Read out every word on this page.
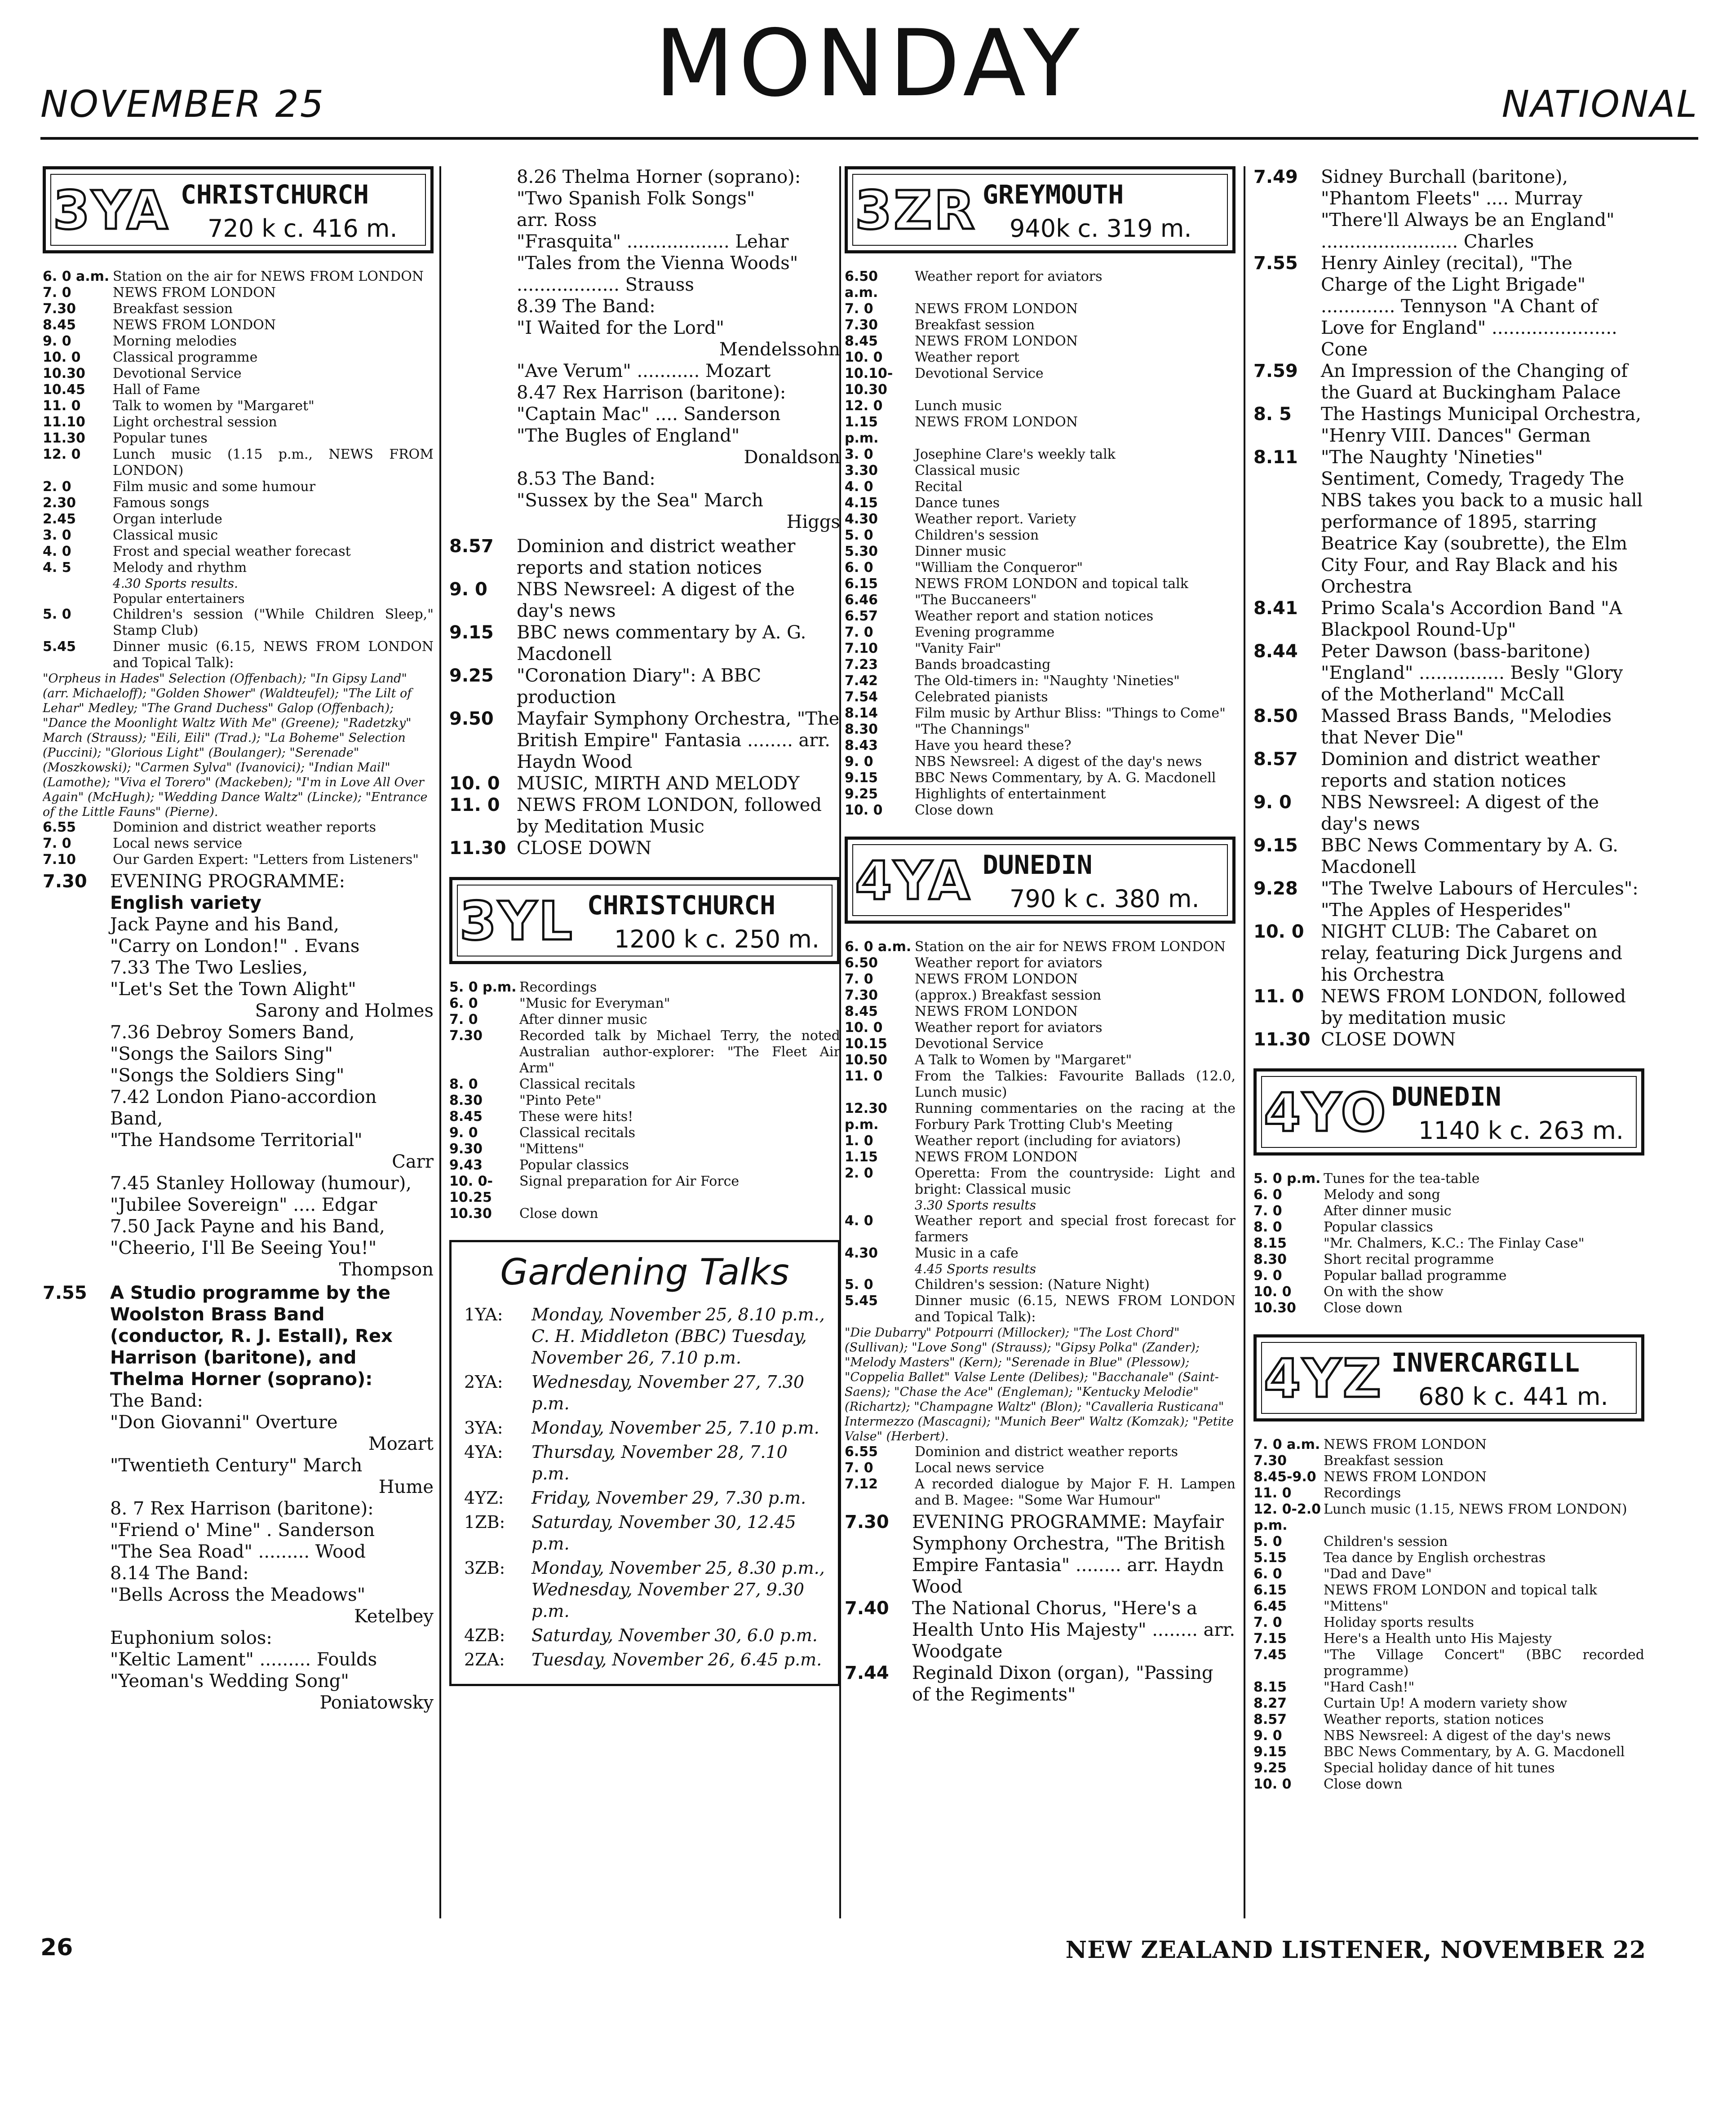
NOVEMBER 25	MONDAY	NATIONAL
3YA CHRISTCHURCH
720 k c. 416 m.
6. 0 a.m. Station on the air for NEWS FROM LONDON
7. 0	NEWS FROM LONDON
7.30	Breakfast session
8.45	NEWS FROM LONDON
9. 0	Morning melodies
10. 0	Classical programme
10.30	Devotional Service
10.45	Hall of Fame
11. 0	Talk to women by "Margaret"
11.10	Light orchestral session
11.30	Popular tunes
12. 0	Lunch music (1.15 p.m., NEWS FROM LONDON)
2. 0	Film music and some humour
2.30	Famous songs
2.45	Organ interlude
3. 0	Classical music
4. 0	Frost and special weather forecast
4. 5	Melody and rhythm
4.30 Sports results.
Popular entertainers
5. 0	Children's session ("While Children Sleep," Stamp Club)
5.45	Dinner music (6.15, NEWS FROM LONDON and Topical Talk):
"Orpheus in Hades" Selection (Offenbach); "In Gipsy Land" (arr. Michaeloff); "Golden Shower" (Waldteufel); "The Lilt of Lehar" Medley; "The Grand Duchess" Galop (Offenbach); "Dance the Moonlight Waltz With Me" (Greene); "Radetzky" March (Strauss); "Eili, Eili" (Trad.); "La Boheme" Selection (Puccini); "Glorious Light" (Boulanger); "Serenade" (Moszkowski); "Carmen Sylva" (Ivanovici); "Indian Mail" (Lamothe); "Viva el Torero" (Mackeben); "I'm in Love All Over Again" (McHugh); "Wedding Dance Waltz" (Lincke); "Entrance of the Little Fauns" (Pierne).
6.55	Dominion and district weather reports
7. 0	Local news service
7.10	Our Garden Expert: "Letters from Listeners"
7.30	EVENING PROGRAMME:
English variety
Jack Payne and his Band,
"Carry on London!" . Evans
7.33 The Two Leslies,
"Let's Set the Town Alight"
Sarony and Holmes
7.36 Debroy Somers Band,
"Songs the Sailors Sing"
"Songs the Soldiers Sing"
7.42 London Piano-accordion Band,
"The Handsome Territorial"
Carr
7.45 Stanley Holloway (humour),
"Jubilee Sovereign" .... Edgar
7.50 Jack Payne and his Band,
"Cheerio, I'll Be Seeing You!"
Thompson
7.55	A Studio programme by the Woolston Brass Band (conductor, R. J. Estall), Rex Harrison (baritone), and Thelma Horner (soprano):
The Band:
"Don Giovanni" Overture
Mozart
"Twentieth Century" March
Hume
8. 7 Rex Harrison (baritone):
"Friend o' Mine" . Sanderson
"The Sea Road" ......... Wood
8.14 The Band:
"Bells Across the Meadows"
Ketelbey
Euphonium solos:
"Keltic Lament" ......... Foulds
"Yeoman's Wedding Song"
Poniatowsky
8.26 Thelma Horner (soprano):
"Two Spanish Folk Songs"
arr. Ross
"Frasquita" .................. Lehar
"Tales from the Vienna Woods" .................. Strauss
8.39 The Band:
"I Waited for the Lord"
Mendelssohn
"Ave Verum" ........... Mozart
8.47 Rex Harrison (baritone):
"Captain Mac" .... Sanderson
"The Bugles of England"
Donaldson
8.53 The Band:
"Sussex by the Sea" March
Higgs
8.57	Dominion and district weather reports and station notices
9. 0	NBS Newsreel: A digest of the day's news
9.15	BBC news commentary by A. G. Macdonell
9.25	"Coronation Diary": A BBC production
9.50	Mayfair Symphony Orchestra, "The British Empire" Fantasia ........ arr. Haydn Wood
10. 0 MUSIC, MIRTH AND MELODY
11. 0 NEWS FROM LONDON, followed by Meditation Music
11.30 CLOSE DOWN
3YL CHRISTCHURCH
1200 k c. 250 m.
5. 0 p.m. Recordings
6. 0	"Music for Everyman"
7. 0	After dinner music
7.30	Recorded talk by Michael Terry, the noted Australian author-explorer: "The Fleet Air Arm"
8. 0	Classical recitals
8.30	"Pinto Pete"
8.45	These were hits!
9. 0	Classical recitals
9.30	"Mittens"
9.43	Popular classics
10. 0-10.25
Signal preparation for Air Force
10.30	Close down
Gardening Talks
1YA:	Monday, November 25, 8.10 p.m., C. H. Middleton (BBC) Tuesday, November 26, 7.10 p.m.
2YA:	Wednesday, November 27, 7.30 p.m.
3YA:	Monday, November 25, 7.10 p.m.
4YA:	Thursday, November 28, 7.10 p.m.
4YZ:	Friday, November 29, 7.30 p.m.
1ZB:	Saturday, November 30, 12.45 p.m.
3ZB:	Monday, November 25, 8.30 p.m., Wednesday, November 27, 9.30 p.m.
4ZB:	Saturday, November 30, 6.0 p.m.
2ZA:	Tuesday, November 26, 6.45 p.m.
3ZR GREYMOUTH
940k c. 319 m.
6.50 a.m.
Weather report for aviators
7. 0	NEWS FROM LONDON
7.30	Breakfast session
8.45	NEWS FROM LONDON
10. 0	Weather report
10.10-10.30
Devotional Service
12. 0	Lunch music
1.15 p.m.
NEWS FROM LONDON
3. 0	Josephine Clare's weekly talk
3.30	Classical music
4. 0	Recital
4.15	Dance tunes
4.30	Weather report. Variety
5. 0	Children's session
5.30	Dinner music
6. 0	"William the Conqueror"
6.15	NEWS FROM LONDON and topical talk
6.46	"The Buccaneers"
6.57	Weather report and station notices
7. 0	Evening programme
7.10	"Vanity Fair"
7.23	Bands broadcasting
7.42	The Old-timers in: "Naughty 'Nineties"
7.54	Celebrated pianists
8.14	Film music by Arthur Bliss: "Things to Come"
8.30	"The Channings"
8.43	Have you heard these?
9. 0	NBS Newsreel: A digest of the day's news
9.15	BBC News Commentary, by A. G. Macdonell
9.25	Highlights of entertainment
10. 0	Close down
4YA DUNEDIN
790 k c. 380 m.
6. 0 a.m. Station on the air for NEWS FROM LONDON
6.50	Weather report for aviators
7. 0	NEWS FROM LONDON
7.30	(approx.) Breakfast session
8.45	NEWS FROM LONDON
10. 0	Weather report for aviators
10.15	Devotional Service
10.50	A Talk to Women by "Margaret"
11. 0	From the Talkies: Favourite Ballads (12.0, Lunch music)
12.30 p.m.
Running commentaries on the racing at the Forbury Park Trotting Club's Meeting
1. 0	Weather report (including for aviators)
1.15	NEWS FROM LONDON
2. 0	Operetta: From the countryside: Light and bright: Classical music
3.30 Sports results
4. 0	Weather report and special frost forecast for farmers
4.30	Music in a cafe
4.45 Sports results
5. 0	Children's session: (Nature Night)
5.45	Dinner music (6.15, NEWS FROM LONDON and Topical Talk):
"Die Dubarry" Potpourri (Millocker); "The Lost Chord" (Sullivan); "Love Song" (Strauss); "Gipsy Polka" (Zander); "Melody Masters" (Kern); "Serenade in Blue" (Plessow); "Coppelia Ballet" Valse Lente (Delibes); "Bacchanale" (Saint-Saens); "Chase the Ace" (Engleman); "Kentucky Melodie" (Richartz); "Champagne Waltz" (Blon); "Cavalleria Rusticana" Intermezzo (Mascagni); "Munich Beer" Waltz (Komzak); "Petite Valse" (Herbert).
6.55	Dominion and district weather reports
7. 0	Local news service
7.12	A recorded dialogue by Major F. H. Lampen and B. Magee: "Some War Humour"
7.30	EVENING PROGRAMME: Mayfair Symphony Orchestra, "The British Empire Fantasia" ........ arr. Haydn Wood
7.40	The National Chorus, "Here's a Health Unto His Majesty" ........ arr. Woodgate
7.44	Reginald Dixon (organ), "Passing of the Regiments"
7.49	Sidney Burchall (baritone), "Phantom Fleets" .... Murray "There'll Always be an England" ........................ Charles
7.55	Henry Ainley (recital), "The Charge of the Light Brigade" ............. Tennyson "A Chant of Love for England" ...................... Cone
7.59	An Impression of the Changing of the Guard at Buckingham Palace
8. 5	The Hastings Municipal Orchestra, "Henry VIII. Dances" German
8.11	"The Naughty 'Nineties" Sentiment, Comedy, Tragedy The NBS takes you back to a music hall performance of 1895, starring Beatrice Kay (soubrette), the Elm City Four, and Ray Black and his Orchestra
8.41	Primo Scala's Accordion Band "A Blackpool Round-Up"
8.44	Peter Dawson (bass-baritone) "England" ............... Besly "Glory of the Motherland" McCall
8.50	Massed Brass Bands, "Melodies that Never Die"
8.57	Dominion and district weather reports and station notices
9. 0	NBS Newsreel: A digest of the day's news
9.15	BBC News Commentary by A. G. Macdonell
9.28	"The Twelve Labours of Hercules": "The Apples of Hesperides"
10. 0 NIGHT CLUB: The Cabaret on relay, featuring Dick Jurgens and his Orchestra
11. 0 NEWS FROM LONDON, followed by meditation music
11.30 CLOSE DOWN
4YO DUNEDIN
1140 k c. 263 m.
5. 0 p.m. Tunes for the tea-table
6. 0	Melody and song
7. 0	After dinner music
8. 0	Popular classics
8.15	"Mr. Chalmers, K.C.: The Finlay Case"
8.30	Short recital programme
9. 0	Popular ballad programme
10. 0	On with the show
10.30	Close down
4YZ INVERCARGILL
680 k c. 441 m.
7. 0 a.m. NEWS FROM LONDON
7.30	Breakfast session
8.45-9.0 NEWS FROM LONDON
11. 0	Recordings
12. 0-2.0 p.m.
Lunch music (1.15, NEWS FROM LONDON)
5. 0	Children's session
5.15	Tea dance by English orchestras
6. 0	"Dad and Dave"
6.15	NEWS FROM LONDON and topical talk
6.45	"Mittens"
7. 0	Holiday sports results
7.15	Here's a Health unto His Majesty
7.45	"The Village Concert" (BBC recorded programme)
8.15	"Hard Cash!"
8.27	Curtain Up! A modern variety show
8.57	Weather reports, station notices
9. 0	NBS Newsreel: A digest of the day's news
9.15	BBC News Commentary, by A. G. Macdonell
9.25	Special holiday dance of hit tunes
10. 0	Close down
26	NEW ZEALAND LISTENER, NOVEMBER 22
